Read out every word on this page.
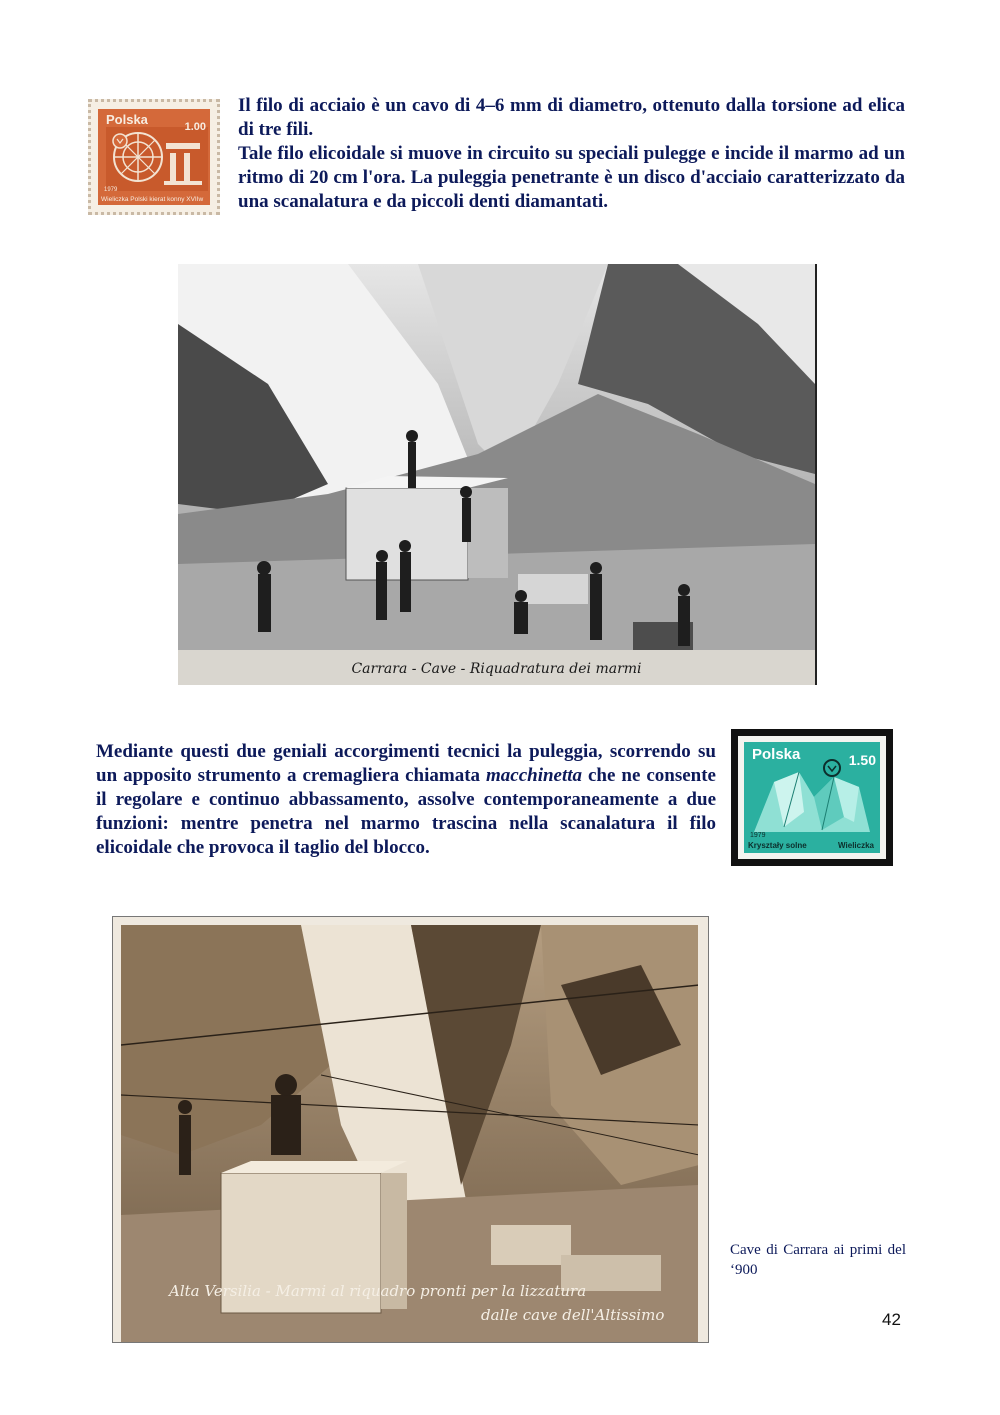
Polska	1.00
1979
Wieliczka Polski kierat konny XVIIw

Il filo di acciaio è un cavo di 4–6 mm di diametro, ottenuto dalla torsione ad elica di tre fili.

Tale filo elicoidale si muove in circuito su speciali pulegge e incide il marmo ad un ritmo di 20 cm l'ora. La puleggia penetrante è un disco d'acciaio caratterizzato da una scanalatura e da piccoli denti diamantati.

Carrara - Cave - Riquadratura dei marmi

Mediante questi due geniali accorgimenti tecnici la puleggia, scorrendo su un apposito strumento a cremagliera chiamata macchinetta che ne consente il regolare e continuo abbassamento, assolve contemporaneamente a due funzioni: mentre penetra nel marmo trascina nella scanalatura il filo elicoidale che provoca il taglio del blocco.

Polska	1.50
1979
Kryształy solne	Wieliczka
Alta Versilia - Marmi al riquadro pronti per la lizzatura
dalle cave dell'Altissimo
Cave di Carrara ai primi del ‘900
42
